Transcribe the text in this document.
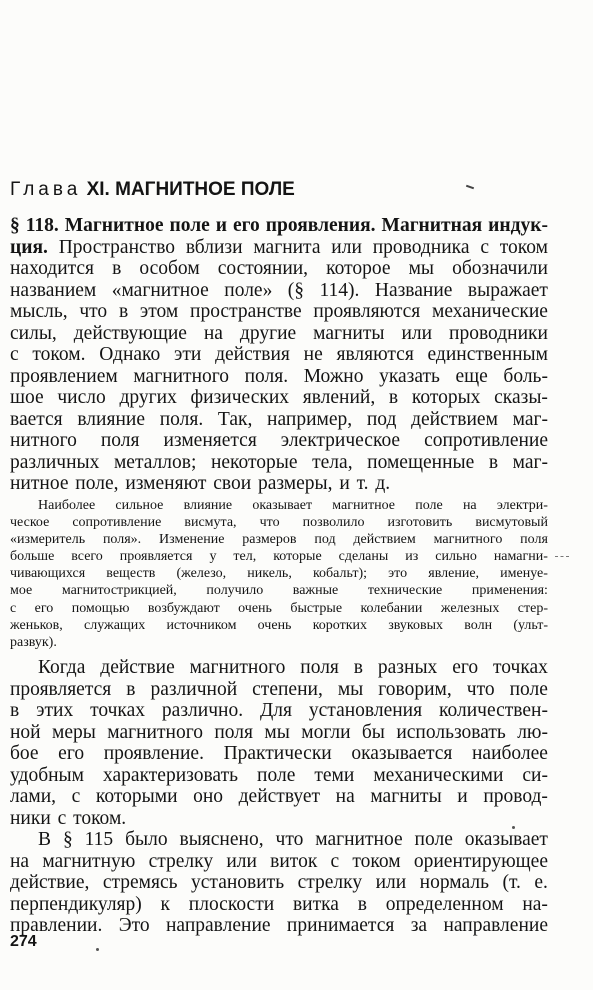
Глава XI. МАГНИТНОЕ ПОЛЕ
§ 118. Магнитное поле и его проявления. Магнитная индук-
ция. Пространство вблизи магнита или проводника с током
находится в особом состоянии, которое мы обозначили
названием «магнитное поле» (§ 114). Название выражает
мысль, что в этом пространстве проявляются механические
силы, действующие на другие магниты или проводники
с током. Однако эти действия не являются единственным
проявлением магнитного поля. Можно указать еще боль-
шое число других физических явлений, в которых сказы-
вается влияние поля. Так, например, под действием маг-
нитного поля изменяется электрическое сопротивление
различных металлов; некоторые тела, помещенные в маг-
нитное поле, изменяют свои размеры, и т. д.
Наиболее сильное влияние оказывает магнитное поле на электри-
ческое сопротивление висмута, что позволило изготовить висмутовый
«измеритель поля». Изменение размеров под действием магнитного поля
больше всего проявляется у тел, которые сделаны из сильно намагни-
чивающихся веществ (железо, никель, кобальт); это явление, именуе-
мое магнитострикцией, получило важные технические применения:
с его помощью возбуждают очень быстрые колебании железных стер-
женьков, служащих источником очень коротких звуковых волн (ульт-
развук).
Когда действие магнитного поля в разных его точках
проявляется в различной степени, мы говорим, что поле
в этих точках различно. Для установления количествен-
ной меры магнитного поля мы могли бы использовать лю-
бое его проявление. Практически оказывается наиболее
удобным характеризовать поле теми механическими си-
лами, с которыми оно действует на магниты и провод-
ники с током.
В § 115 было выяснено, что магнитное поле оказывает
на магнитную стрелку или виток с током ориентирующее
действие, стремясь установить стрелку или нормаль (т. е.
перпендикуляр) к плоскости витка в определенном на-
правлении. Это направление принимается за направление
274
